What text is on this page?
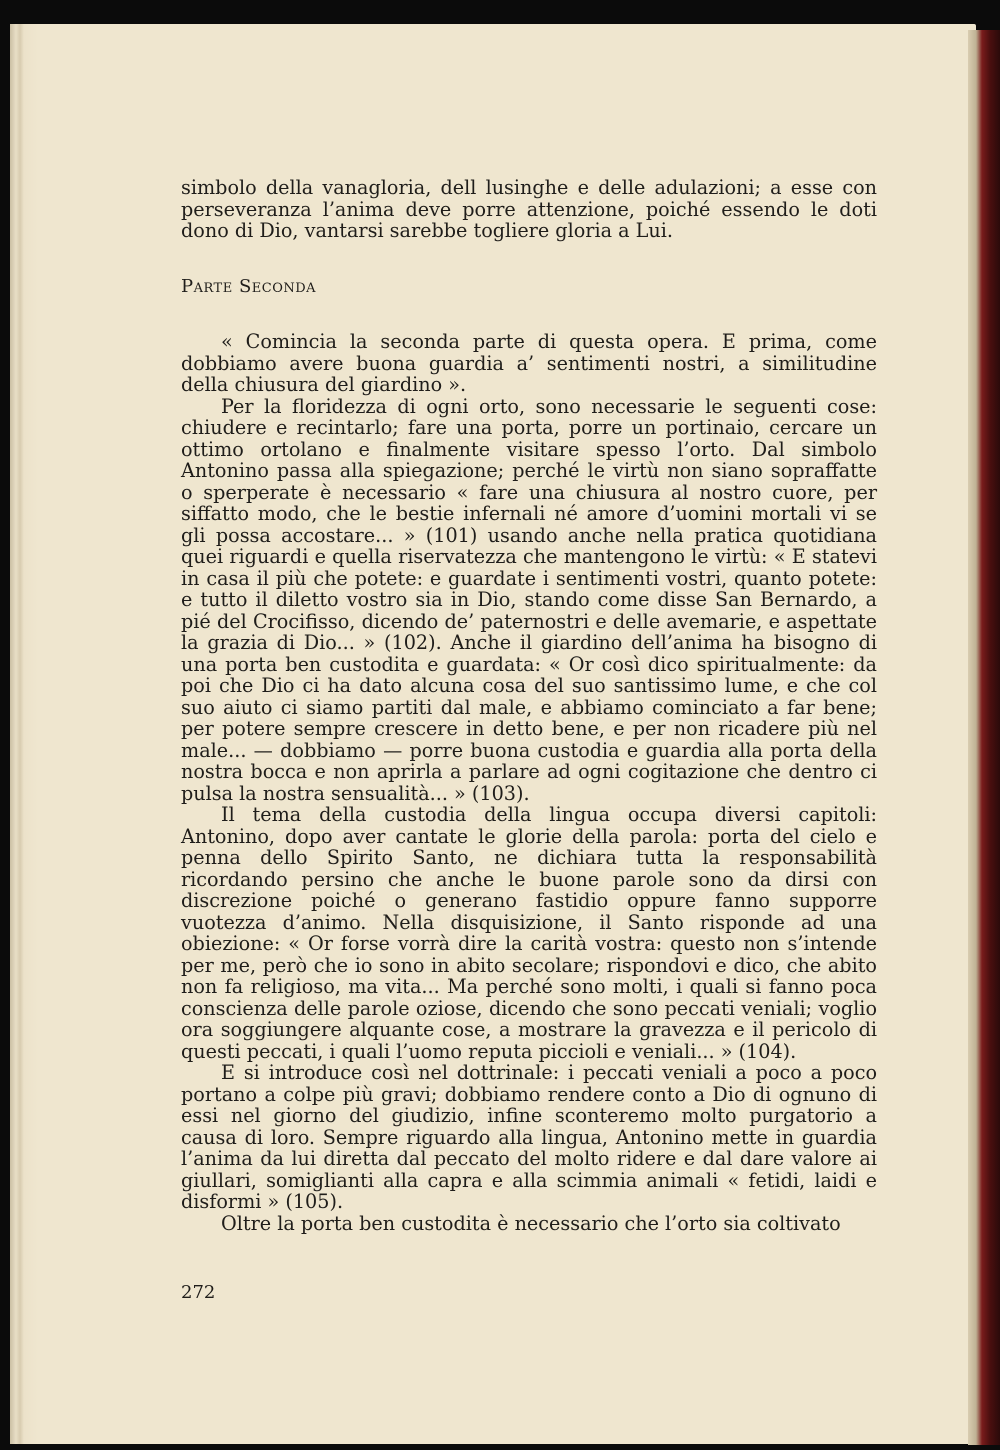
simbolo della vanagloria, dell lusinghe e delle adulazioni; a esse con perseveranza l’anima deve porre attenzione, poiché essendo le doti dono di Dio, vantarsi sarebbe togliere gloria a Lui.

Parte Seconda

« Comincia la seconda parte di questa opera. E prima, come dobbiamo avere buona guardia a’ sentimenti nostri, a similitudine della chiusura del giardino ».

Per la floridezza di ogni orto, sono necessarie le seguenti cose: chiudere e recintarlo; fare una porta, porre un portinaio, cercare un ottimo ortolano e finalmente visitare spesso l’orto. Dal simbolo Antonino passa alla spiegazione; perché le virtù non siano sopraffatte o sperperate è necessario « fare una chiusura al nostro cuore, per siffatto modo, che le bestie infernali né amore d’uomini mortali vi se gli possa accostare... » (101) usando anche nella pratica quotidiana quei riguardi e quella riservatezza che mantengono le virtù: « E statevi in casa il più che potete: e guardate i sentimenti vostri, quanto potete: e tutto il diletto vostro sia in Dio, stando come disse San Bernardo, a pié del Crocifisso, dicendo de’ paternostri e delle avemarie, e aspettate la grazia di Dio... » (102). Anche il giardino dell’anima ha bisogno di una porta ben custodita e guardata: « Or così dico spiritualmente: da poi che Dio ci ha dato alcuna cosa del suo santissimo lume, e che col suo aiuto ci siamo partiti dal male, e abbiamo cominciato a far bene; per potere sempre crescere in detto bene, e per non ricadere più nel male... — dobbiamo — porre buona custodia e guardia alla porta della nostra bocca e non aprirla a parlare ad ogni cogitazione che dentro ci pulsa la nostra sensualità... » (103).

Il tema della custodia della lingua occupa diversi capitoli: Antonino, dopo aver cantate le glorie della parola: porta del cielo e penna dello Spirito Santo, ne dichiara tutta la responsabilità ricordando persino che anche le buone parole sono da dirsi con discrezione poiché o generano fastidio oppure fanno supporre vuotezza d’animo. Nella disquisizione, il Santo risponde ad una obiezione: « Or forse vorrà dire la carità vostra: questo non s’intende per me, però che io sono in abito secolare; rispondovi e dico, che abito non fa religioso, ma vita... Ma perché sono molti, i quali si fanno poca conscienza delle parole oziose, dicendo che sono peccati veniali; voglio ora soggiungere alquante cose, a mostrare la gravezza e il pericolo di questi peccati, i quali l’uomo reputa piccioli e veniali... » (104).

E si introduce così nel dottrinale: i peccati veniali a poco a poco portano a colpe più gravi; dobbiamo rendere conto a Dio di ognuno di essi nel giorno del giudizio, infine sconteremo molto purgatorio a causa di loro. Sempre riguardo alla lingua, Antonino mette in guardia l’anima da lui diretta dal peccato del molto ridere e dal dare valore ai giullari, somiglianti alla capra e alla scimmia animali « fetidi, laidi e disformi » (105).

Oltre la porta ben custodita è necessario che l’orto sia coltivato

272
